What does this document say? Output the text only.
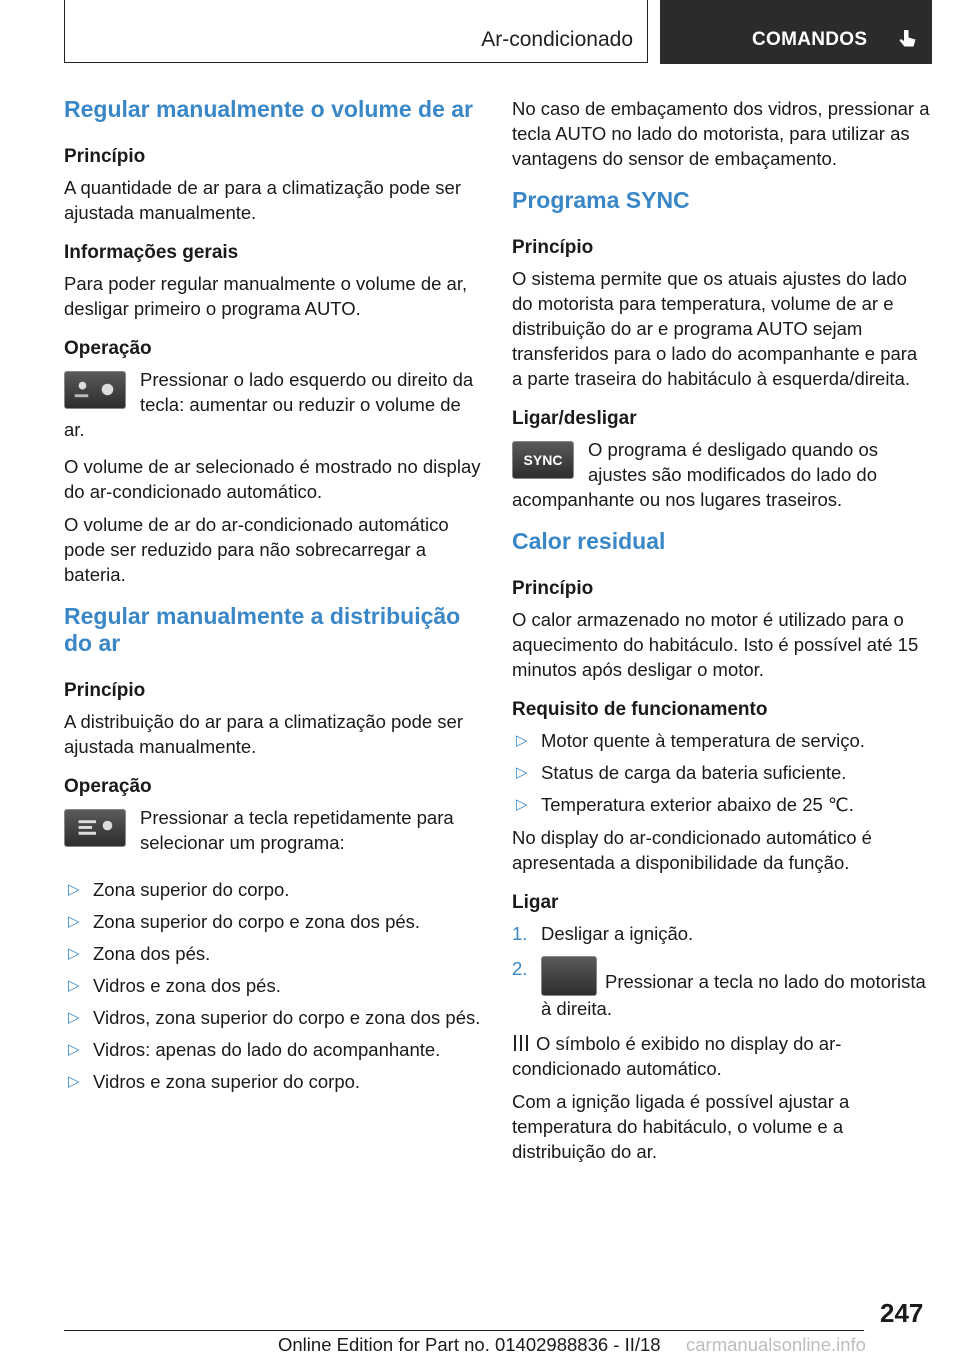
Ar-condicionado	COMANDOS
Regular manualmente o volume de ar
Princípio
A quantidade de ar para a climatização pode ser ajustada manualmente.
Informações gerais
Para poder regular manualmente o volume de ar, desligar primeiro o programa AUTO.
Operação
Pressionar o lado esquerdo ou direito da tecla: aumentar ou reduzir o volume de ar.
O volume de ar selecionado é mostrado no display do ar-condicionado automático.
O volume de ar do ar-condicionado automático pode ser reduzido para não sobrecarregar a bateria.
Regular manualmente a distribuição do ar
Princípio
A distribuição do ar para a climatização pode ser ajustada manualmente.
Operação
Pressionar a tecla repetidamente para selecionar um programa:
▷ Zona superior do corpo.
▷ Zona superior do corpo e zona dos pés.
▷ Zona dos pés.
▷ Vidros e zona dos pés.
▷ Vidros, zona superior do corpo e zona dos pés.
▷ Vidros: apenas do lado do acompanhante.
▷ Vidros e zona superior do corpo.
No caso de embaçamento dos vidros, pressionar a tecla AUTO no lado do motorista, para utilizar as vantagens do sensor de embaçamento.
Programa SYNC
Princípio
O sistema permite que os atuais ajustes do lado do motorista para temperatura, volume de ar e distribuição do ar e programa AUTO sejam transferidos para o lado do acompanhante e para a parte traseira do habitáculo à esquerda/direita.
Ligar/desligar
SYNC	O programa é desligado quando os ajustes são modificados do lado do acompanhante ou nos lugares traseiros.
Calor residual
Princípio
O calor armazenado no motor é utilizado para o aquecimento do habitáculo. Isto é possível até 15 minutos após desligar o motor.
Requisito de funcionamento
▷ Motor quente à temperatura de serviço.
▷ Status de carga da bateria suficiente.
▷ Temperatura exterior abaixo de 25 ℃.
No display do ar-condicionado automático é apresentada a disponibilidade da função.
Ligar
1. Desligar a ignição.
2.
Pressionar a tecla no lado do motorista à direita.
O símbolo é exibido no display do ar-condicionado automático.
Com a ignição ligada é possível ajustar a temperatura do habitáculo, o volume e a distribuição do ar.
247
Online Edition for Part no. 01402988836 - II/18 carmanualsonline.info
